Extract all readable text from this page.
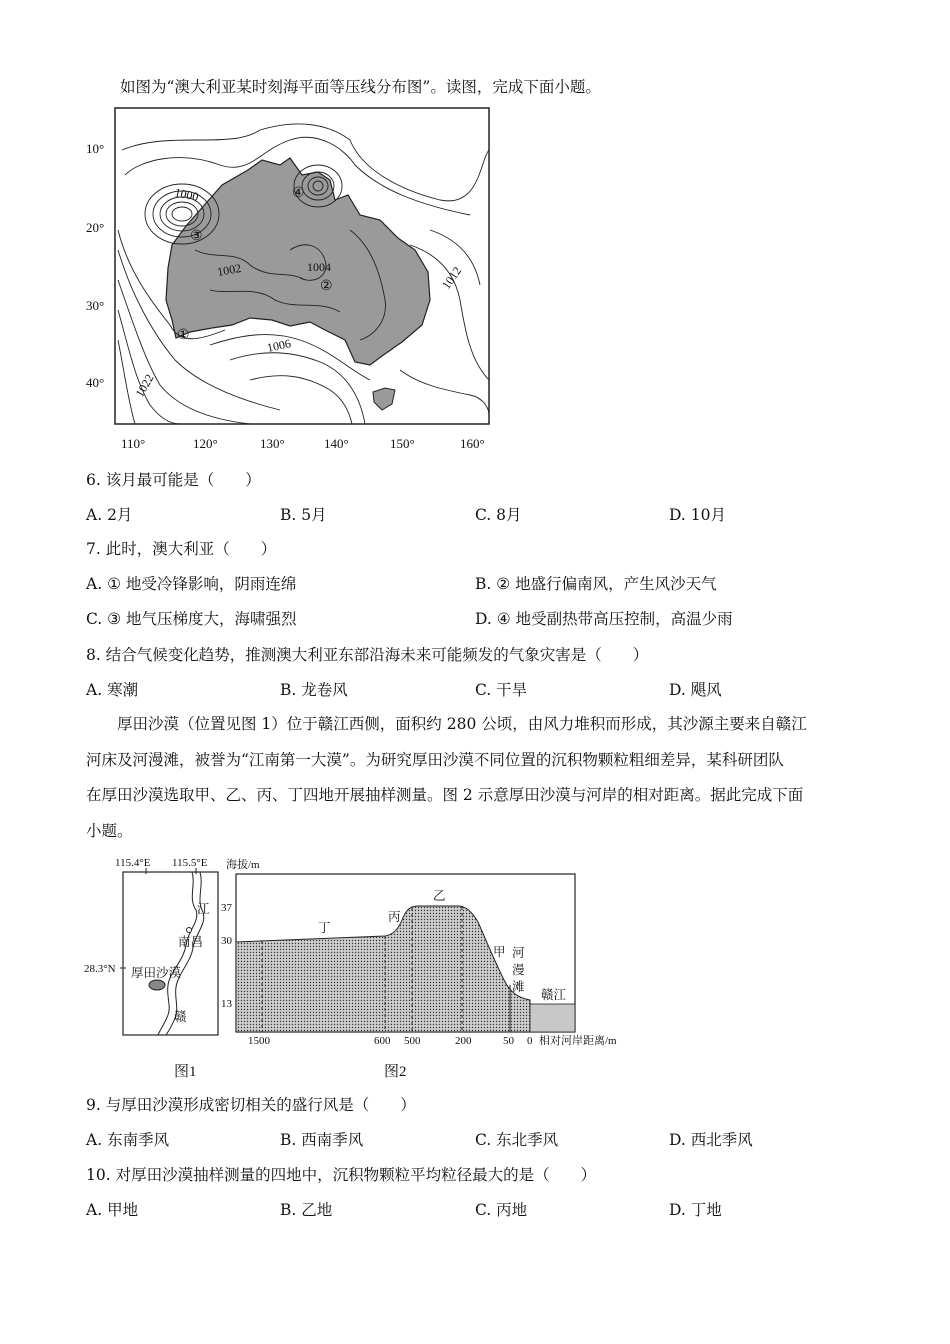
如图为“澳大利亚某时刻海平面等压线分布图”。读图，完成下面小题。
10°
20°
30°
40°
110°	120°	130°	140°	150°	160°
1000
1002	1004
1006
1012
1022
①
②
③
④
6. 该月最可能是（　　）
A. 2月	B. 5月	C. 8月	D. 10月
7. 此时，澳大利亚（　　）
A. ① 地受冷锋影响，阴雨连绵	B. ② 地盛行偏南风，产生风沙天气
C. ③ 地气压梯度大，海啸强烈	D. ④ 地受副热带高压控制，高温少雨
8. 结合气候变化趋势，推测澳大利亚东部沿海未来可能频发的气象灾害是（　　）
A. 寒潮	B. 龙卷风	C. 干旱	D. 飓风
厚田沙漠（位置见图 1）位于赣江西侧，面积约 280 公顷，由风力堆积而形成，其沙源主要来自赣江
河床及河漫滩，被誉为“江南第一大漠”。为研究厚田沙漠不同位置的沉积物颗粒粗细差异，某科研团队
在厚田沙漠选取甲、乙、丙、丁四地开展抽样测量。图 2 示意厚田沙漠与河岸的相对距离。据此完成下面
小题。
115.4°E 115.5°E
28.3°N
江
南昌
厚田沙漠
赣
图1
海拔/m
37
30
13
1500	600 500	200	50 0 相对河岸距离/m
丁
丙
乙
甲 河
漫
滩
赣江
图2
9. 与厚田沙漠形成密切相关的盛行风是（　　）
A. 东南季风	B. 西南季风	C. 东北季风	D. 西北季风
10. 对厚田沙漠抽样测量的四地中，沉积物颗粒平均粒径最大的是（　　）
A. 甲地	B. 乙地	C. 丙地	D. 丁地
